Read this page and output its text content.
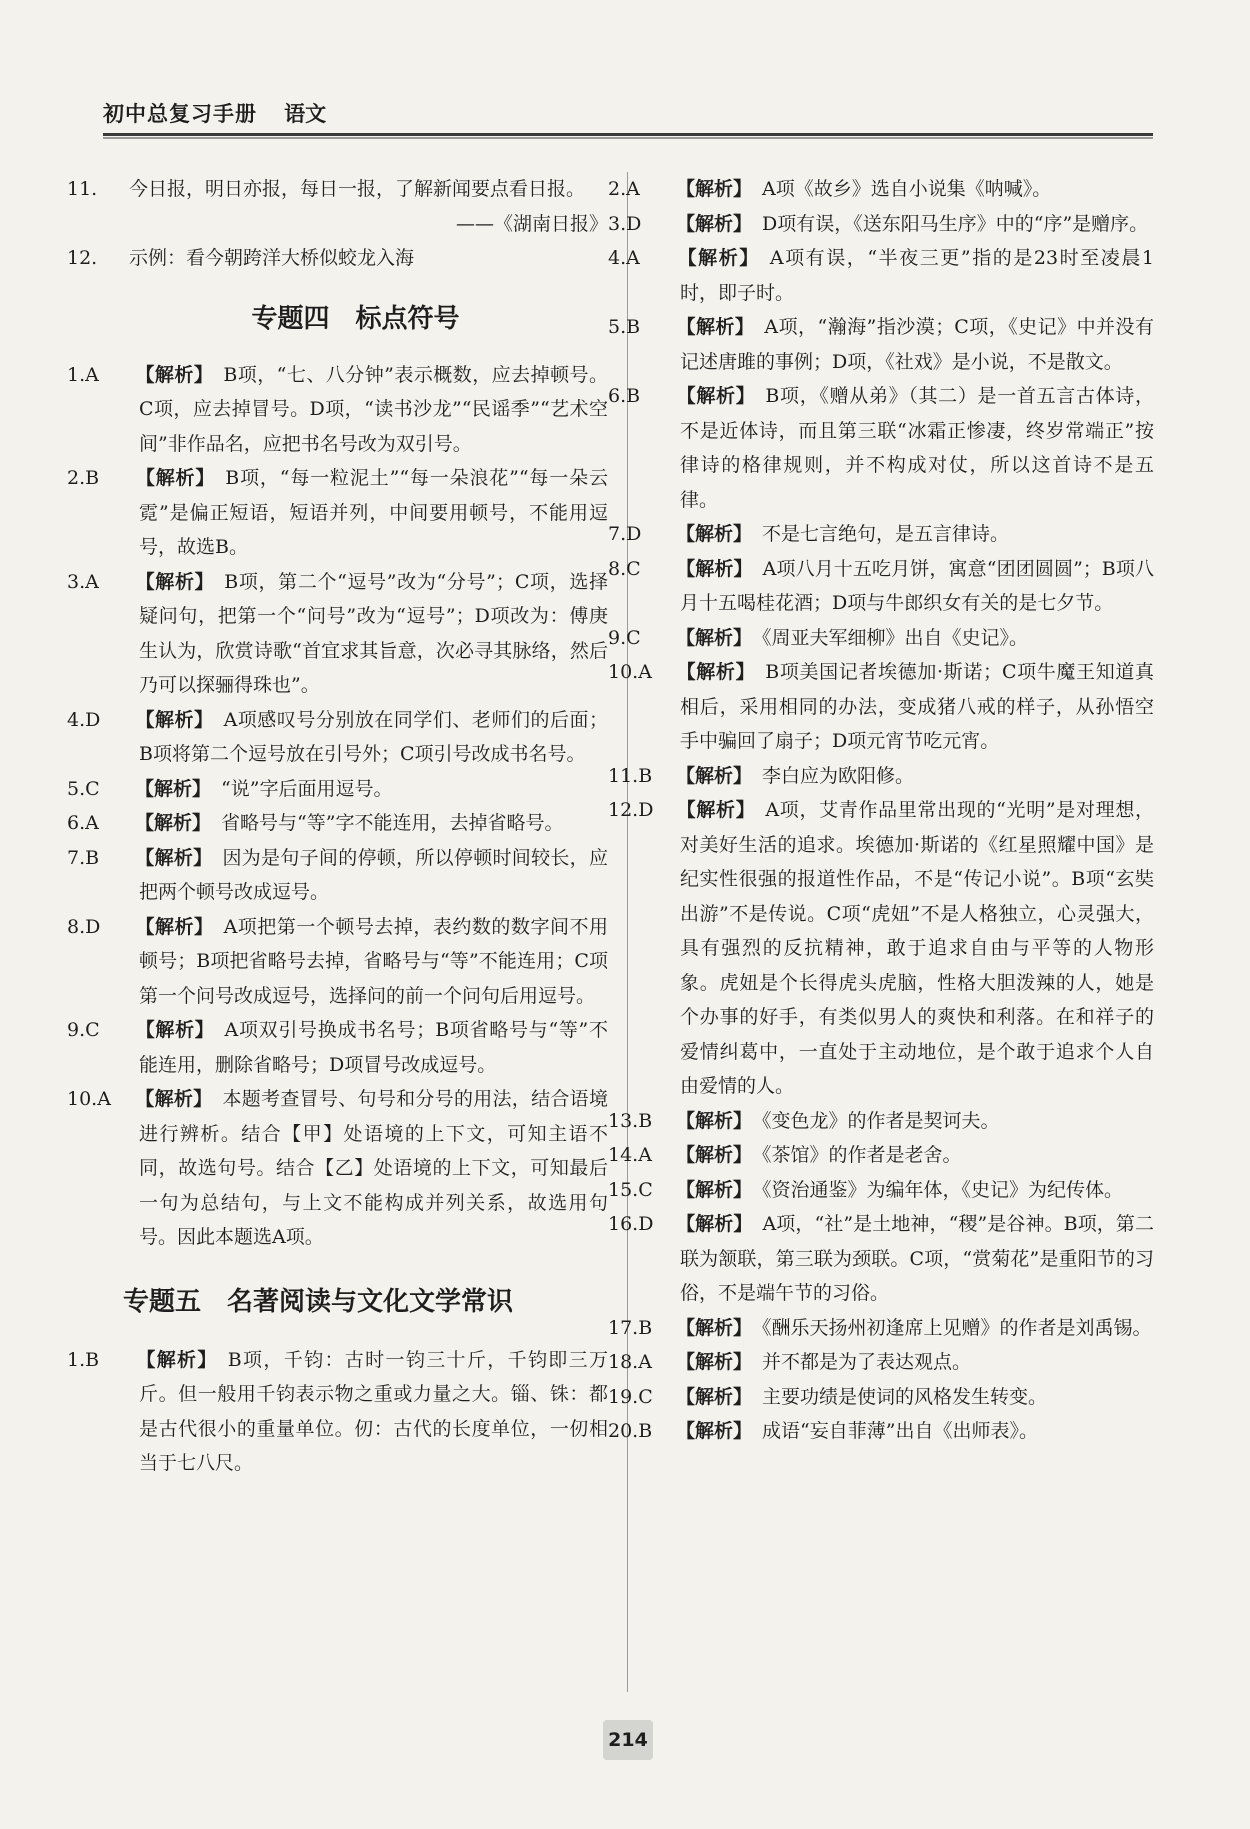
初中总复习手册 语文

11. 今日报，明日亦报，每日一报，了解新闻要点看日报。

——《湖南日报》

12. 示例：看今朝跨洋大桥似蛟龙入海

专题四　标点符号

1.A 【解析】 B项，“七、八分钟”表示概数，应去掉顿号。C项，应去掉冒号。D项，“读书沙龙”“民谣季”“艺术空间”非作品名，应把书名号改为双引号。

2.B 【解析】 B项，“每一粒泥土”“每一朵浪花”“每一朵云霓”是偏正短语，短语并列，中间要用顿号，不能用逗号，故选B。

3.A 【解析】 B项，第二个“逗号”改为“分号”；C项，选择疑问句，把第一个“问号”改为“逗号”；D项改为：傅庚生认为，欣赏诗歌“首宜求其旨意，次必寻其脉络，然后乃可以探骊得珠也”。

4.D 【解析】 A项感叹号分别放在同学们、老师们的后面；B项将第二个逗号放在引号外；C项引号改成书名号。

5.C 【解析】 “说”字后面用逗号。

6.A 【解析】 省略号与“等”字不能连用，去掉省略号。

7.B 【解析】 因为是句子间的停顿，所以停顿时间较长，应把两个顿号改成逗号。

8.D 【解析】 A项把第一个顿号去掉，表约数的数字间不用顿号；B项把省略号去掉，省略号与“等”不能连用；C项第一个问号改成逗号，选择问的前一个问句后用逗号。

9.C 【解析】 A项双引号换成书名号；B项省略号与“等”不能连用，删除省略号；D项冒号改成逗号。

10.A 【解析】 本题考查冒号、句号和分号的用法，结合语境进行辨析。结合【甲】处语境的上下文，可知主语不同，故选句号。结合【乙】处语境的上下文，可知最后一句为总结句，与上文不能构成并列关系，故选用句号。因此本题选A项。

专题五　名著阅读与文化文学常识

1.B 【解析】 B项，千钧：古时一钧三十斤，千钧即三万斤。但一般用千钧表示物之重或力量之大。锱、铢：都是古代很小的重量单位。仞：古代的长度单位，一仞相当于七八尺。

2.A 【解析】 A项《故乡》选自小说集《呐喊》。

3.D 【解析】 D项有误，《送东阳马生序》中的“序”是赠序。

4.A 【解析】 A项有误，“半夜三更”指的是23时至凌晨1时，即子时。

5.B 【解析】 A项，“瀚海”指沙漠；C项，《史记》中并没有记述唐雎的事例；D项，《社戏》是小说，不是散文。

6.B 【解析】 B项，《赠从弟》（其二）是一首五言古体诗，不是近体诗，而且第三联“冰霜正惨凄，终岁常端正”按律诗的格律规则，并不构成对仗，所以这首诗不是五律。

7.D 【解析】 不是七言绝句，是五言律诗。

8.C 【解析】 A项八月十五吃月饼，寓意“团团圆圆”；B项八月十五喝桂花酒；D项与牛郎织女有关的是七夕节。

9.C 【解析】 《周亚夫军细柳》出自《史记》。

10.A 【解析】 B项美国记者埃德加·斯诺；C项牛魔王知道真相后，采用相同的办法，变成猪八戒的样子，从孙悟空手中骗回了扇子；D项元宵节吃元宵。

11.B 【解析】 李白应为欧阳修。

12.D 【解析】 A项，艾青作品里常出现的“光明”是对理想，对美好生活的追求。埃德加·斯诺的《红星照耀中国》是纪实性很强的报道性作品，不是“传记小说”。B项“玄奘出游”不是传说。C项“虎妞”不是人格独立，心灵强大，具有强烈的反抗精神，敢于追求自由与平等的人物形象。虎妞是个长得虎头虎脑，性格大胆泼辣的人，她是个办事的好手，有类似男人的爽快和利落。在和祥子的爱情纠葛中，一直处于主动地位，是个敢于追求个人自由爱情的人。

13.B 【解析】 《变色龙》的作者是契诃夫。

14.A 【解析】 《茶馆》的作者是老舍。

15.C 【解析】 《资治通鉴》为编年体，《史记》为纪传体。

16.D 【解析】 A项，“社”是土地神，“稷”是谷神。B项，第二联为颔联，第三联为颈联。C项，“赏菊花”是重阳节的习俗，不是端午节的习俗。

17.B 【解析】 《酬乐天扬州初逢席上见赠》的作者是刘禹锡。

18.A 【解析】 并不都是为了表达观点。

19.C 【解析】 主要功绩是使词的风格发生转变。

20.B 【解析】 成语“妄自菲薄”出自《出师表》。

214
